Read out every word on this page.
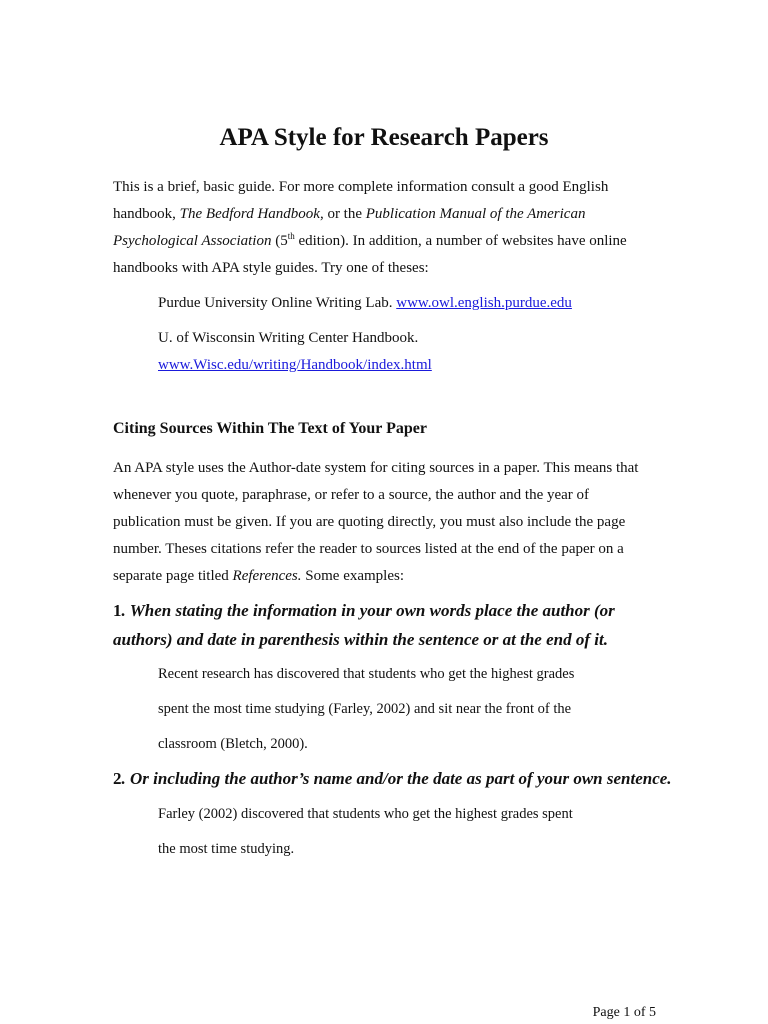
APA Style for Research Papers

This is a brief, basic guide. For more complete information consult a good English handbook, The Bedford Handbook, or the Publication Manual of the American Psychological Association (5th edition). In addition, a number of websites have online handbooks with APA style guides. Try one of theses:

Purdue University Online Writing Lab. www.owl.english.purdue.edu

U. of Wisconsin Writing Center Handbook.

www.Wisc.edu/writing/Handbook/index.html

Citing Sources Within The Text of Your Paper

An APA style uses the Author-date system for citing sources in a paper. This means that whenever you quote, paraphrase, or refer to a source, the author and the year of publication must be given. If you are quoting directly, you must also include the page number. Theses citations refer the reader to sources listed at the end of the paper on a separate page titled References. Some examples:

1. When stating the information in your own words place the author (or authors) and date in parenthesis within the sentence or at the end of it.

Recent research has discovered that students who get the highest grades
spent the most time studying (Farley, 2002) and sit near the front of the
classroom (Bletch, 2000).

2. Or including the author’s name and/or the date as part of your own sentence.

Farley (2002) discovered that students who get the highest grades spent
the most time studying.

Page 1 of 5
